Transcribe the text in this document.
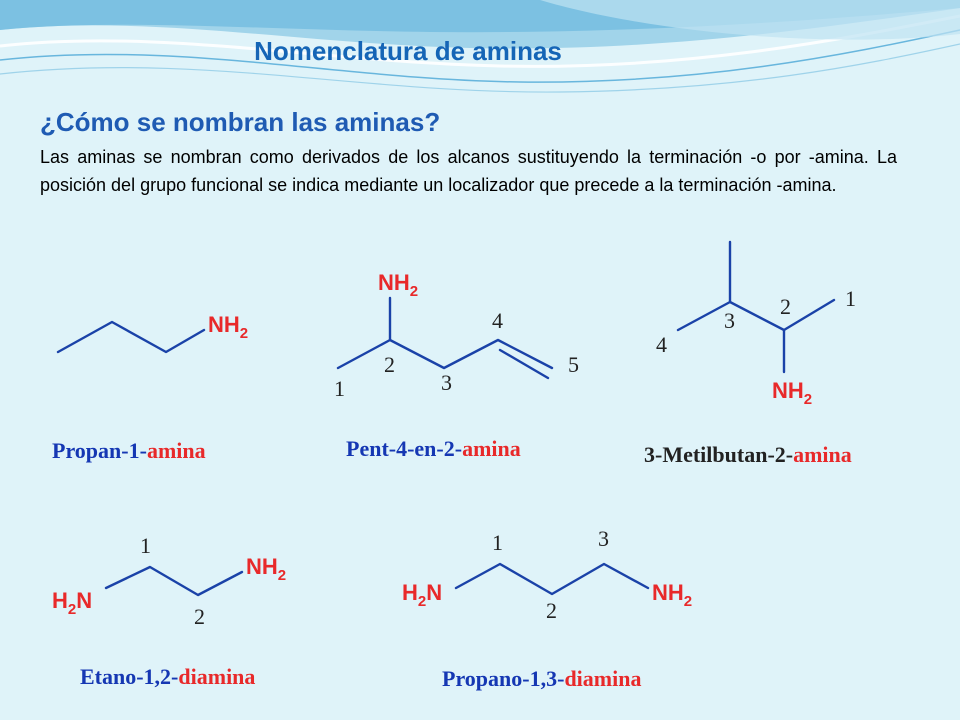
Nomenclatura de aminas
¿Cómo se nombran las aminas?

Las aminas se nombran como derivados de los alcanos sustituyendo la terminación -o por -amina. La posición del grupo funcional se indica mediante un localizador que precede a la terminación -amina.

$NH_2$
$NH_2$
1
2
3
4
5
$NH_2$
1
2
3
4
$H_2N$
$NH_2$
1
2
$H_2N$	$NH_2$
1
2
3

Propan-1-amina	Pent-4-en-2-amina	3-Metilbutan-2-amina

Etano-1,2-diamina	Propano-1,3-diamina
